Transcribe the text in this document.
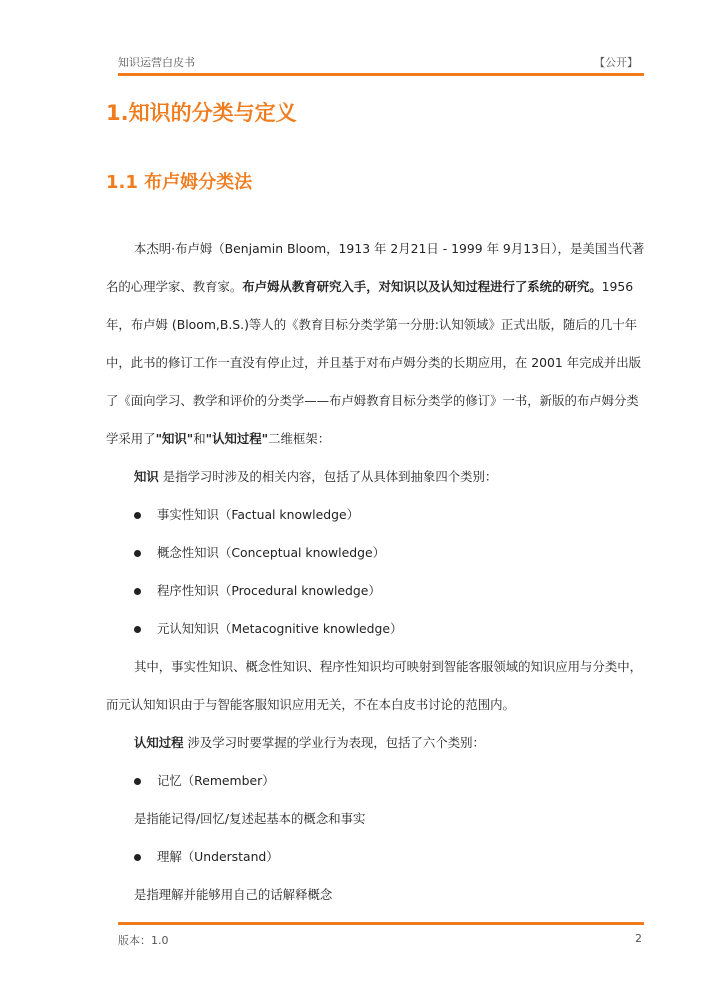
知识运营白皮书	【公开】
1.知识的分类与定义
1.1 布卢姆分类法

本杰明·布卢姆（Benjamin Bloom，1913 年 2月21日 - 1999 年 9月13日），是美国当代著名的心理学家、教育家。布卢姆从教育研究入手，对知识以及认知过程进行了系统的研究。1956 年，布卢姆 (Bloom,B.S.)等人的《教育目标分类学第一分册:认知领域》正式出版，随后的几十年中，此书的修订工作一直没有停止过，并且基于对布卢姆分类的长期应用，在 2001 年完成并出版了《面向学习、教学和评价的分类学——布卢姆教育目标分类学的修订》一书，新版的布卢姆分类学采用了"知识"和"认知过程"二维框架：

知识 是指学习时涉及的相关内容，包括了从具体到抽象四个类别：

事实性知识（Factual knowledge）
概念性知识（Conceptual knowledge）
程序性知识（Procedural knowledge）
元认知知识（Metacognitive knowledge）

其中，事实性知识、概念性知识、程序性知识均可映射到智能客服领域的知识应用与分类中，而元认知知识由于与智能客服知识应用无关，不在本白皮书讨论的范围内。

认知过程 涉及学习时要掌握的学业行为表现，包括了六个类别：

记忆（Remember）

是指能记得/回忆/复述起基本的概念和事实

理解（Understand）

是指理解并能够用自己的话解释概念

版本：1.0	2
